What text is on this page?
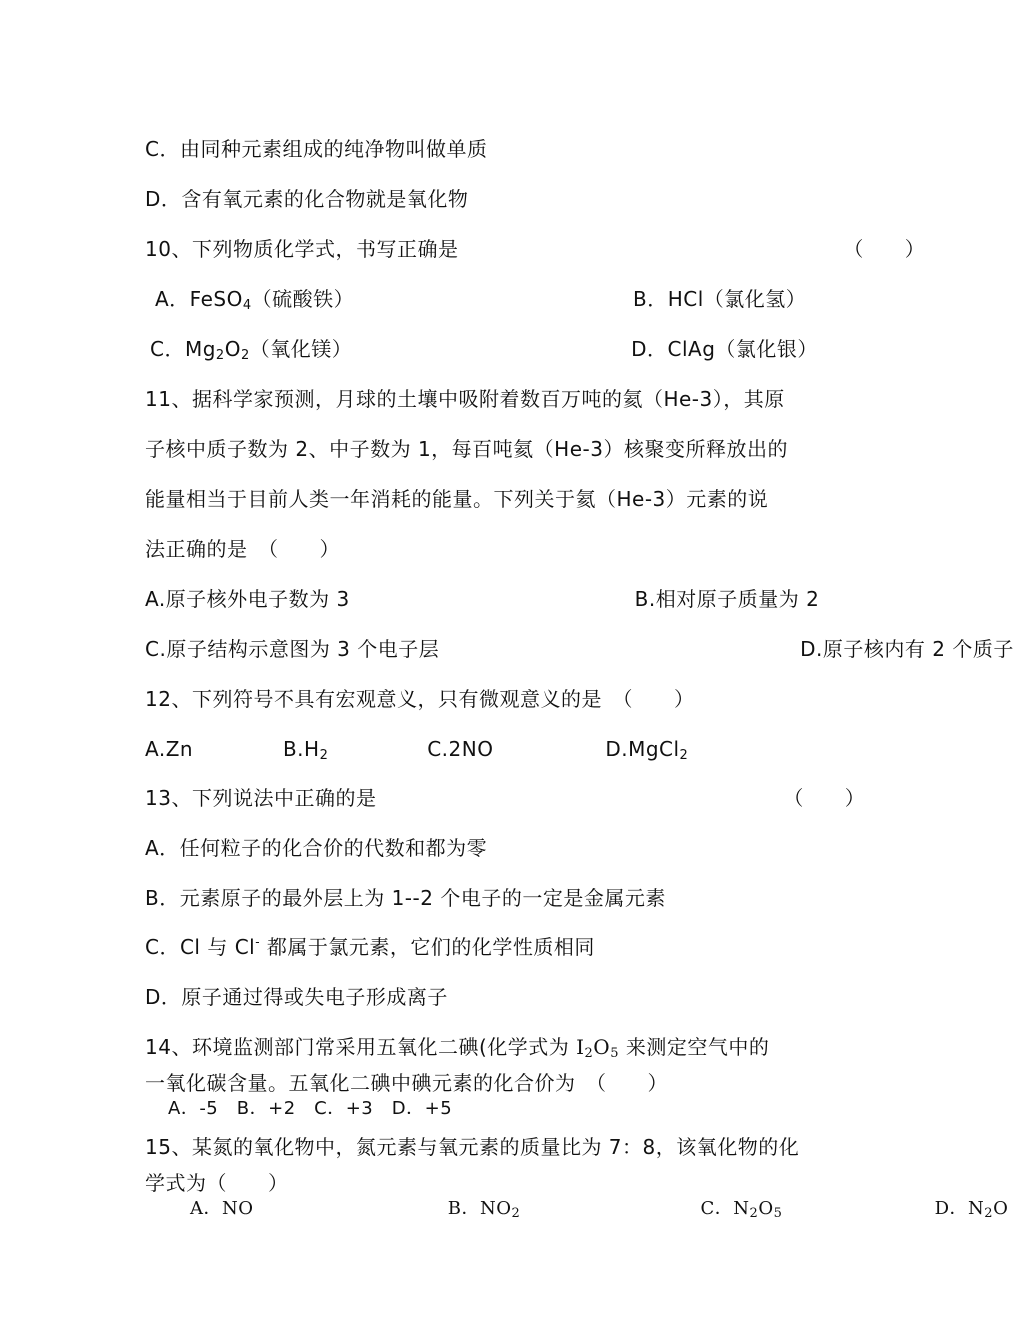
C．由同种元素组成的纯净物叫做单质
D．含有氧元素的化合物就是氧化物
10、下列物质化学式，书写正确是	（　　）
A．FeSO$_4$（硫酸铁）	B．HCl（氯化氢）
C．$Mg_2O_2$（氧化镁）	D．ClAg（氯化银）
11、据科学家预测，月球的土壤中吸附着数百万吨的氦（He-3），其原
子核中质子数为 2、中子数为 1，每百吨氦（He-3）核聚变所释放出的
能量相当于目前人类一年消耗的能量。下列关于氦（He-3）元素的说
法正确的是　（　　）
A.原子核外电子数为 3	B.相对原子质量为 2
C.原子结构示意图为 3 个电子层	D.原子核内有 2 个质子
12、下列符号不具有宏观意义，只有微观意义的是　（　　）
A.Zn	$B.H_2$	C.2NO	D.MgCl$_2$
13、下列说法中正确的是	（　　）
A．任何粒子的化合价的代数和都为零
B．元素原子的最外层上为 1--2 个电子的一定是金属元素
C．Cl 与 Cl- 都属于氯元素，它们的化学性质相同
D．原子通过得或失电子形成离子
14、环境监测部门常采用五氧化二碘(化学式为 $I_2O_5$ 来测定空气中的
一氧化碳含量。五氧化二碘中碘元素的化合价为　（　　）
A．-5　B．+2　C．+3　D．+5
15、某氮的氧化物中，氮元素与氧元素的质量比为 7：8，该氧化物的化
学式为（　　）
A．NO	B．$NO_2$	C．$N_2O_5$	D．$N_2O$
